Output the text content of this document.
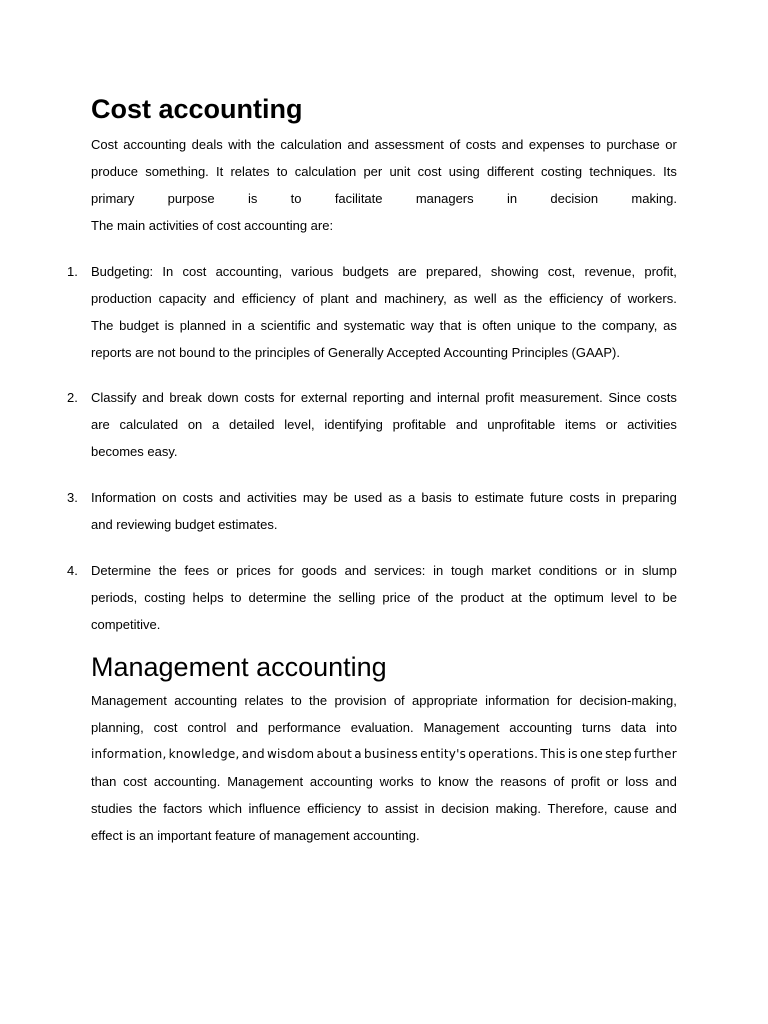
Cost accounting
Cost accounting deals with the calculation and assessment of costs and expenses to purchase or
produce something. It relates to calculation per unit cost using different costing techniques. Its
primary	purpose	is	to	facilitate	managers	in	decision	making.
The main activities of cost accounting are:
1. Budgeting: In cost accounting, various budgets are prepared, showing cost, revenue, profit,
production capacity and efficiency of plant and machinery, as well as the efficiency of workers.
The budget is planned in a scientific and systematic way that is often unique to the company, as
reports are not bound to the principles of Generally Accepted Accounting Principles (GAAP).
2. Classify and break down costs for external reporting and internal profit measurement. Since costs
are calculated on a detailed level, identifying profitable and unprofitable items or activities
becomes easy.
3. Information on costs and activities may be used as a basis to estimate future costs in preparing
and reviewing budget estimates.
4. Determine the fees or prices for goods and services: in tough market conditions or in slump
periods, costing helps to determine the selling price of the product at the optimum level to be
competitive.
Management accounting
Management accounting relates to the provision of appropriate information for decision-making,
planning, cost control and performance evaluation. Management accounting turns data into
information, knowledge, and wisdom about a business entity's operations. This is one step further
than cost accounting. Management accounting works to know the reasons of profit or loss and
studies the factors which influence efficiency to assist in decision making. Therefore, cause and
effect is an important feature of management accounting.
